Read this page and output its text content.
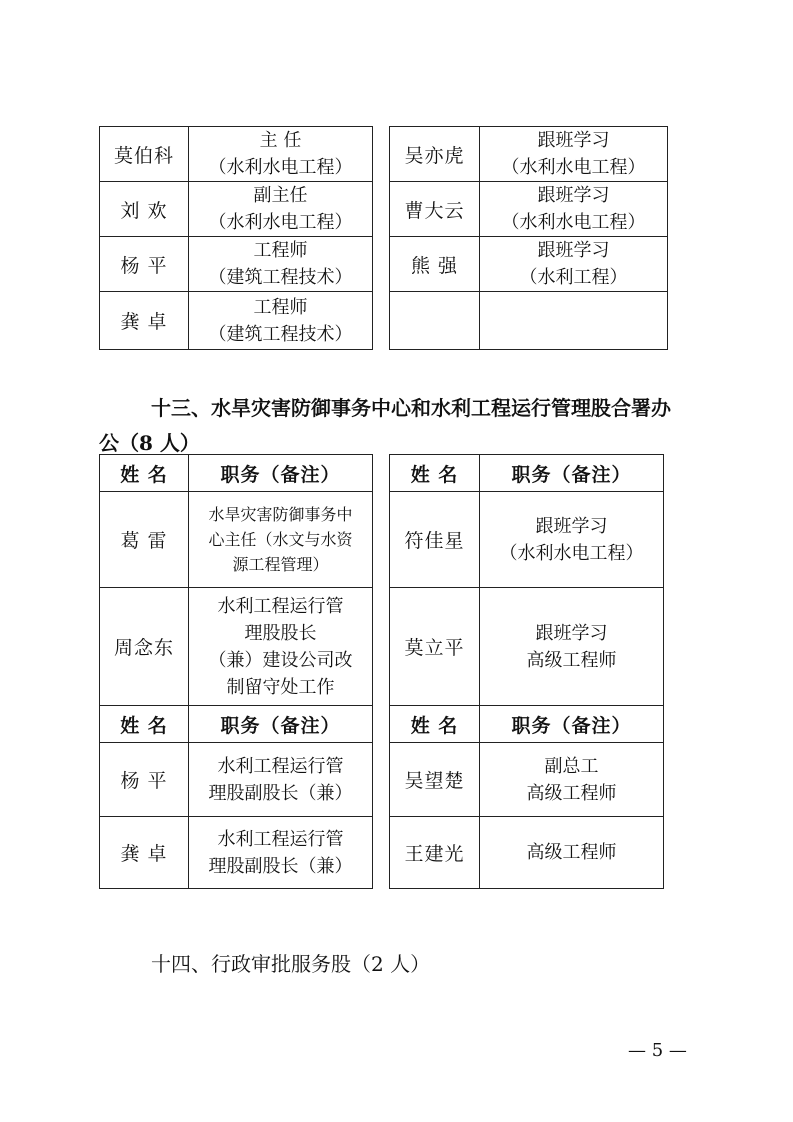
莫伯科	主 任
（水利水电工程）

刘 欢	副主任
（水利水电工程）

杨 平	工程师
（建筑工程技术）

龚 卓	工程师
（建筑工程技术）
吴亦虎	跟班学习
（水利水电工程）

曹大云	跟班学习
（水利水电工程）

熊 强	跟班学习
（水利工程）

十三、水旱灾害防御事务中心和水利工程运行管理股合署办
公（8 人）
姓 名	职务（备注）
葛 雷	水旱灾害防御事务中
心主任（水文与水资
源工程管理）

周念东	水利工程运行管
理股股长
（兼）建设公司改
制留守处工作

姓 名	职务（备注）
杨 平	水利工程运行管
理股副股长（兼）

龚 卓	水利工程运行管
理股副股长（兼）
姓 名	职务（备注）
符佳星	跟班学习
（水利水电工程）

莫立平	跟班学习
高级工程师

姓 名	职务（备注）
吴望楚	副总工
高级工程师

王建光	高级工程师
十四、行政审批服务股（2 人）
— 5 —
